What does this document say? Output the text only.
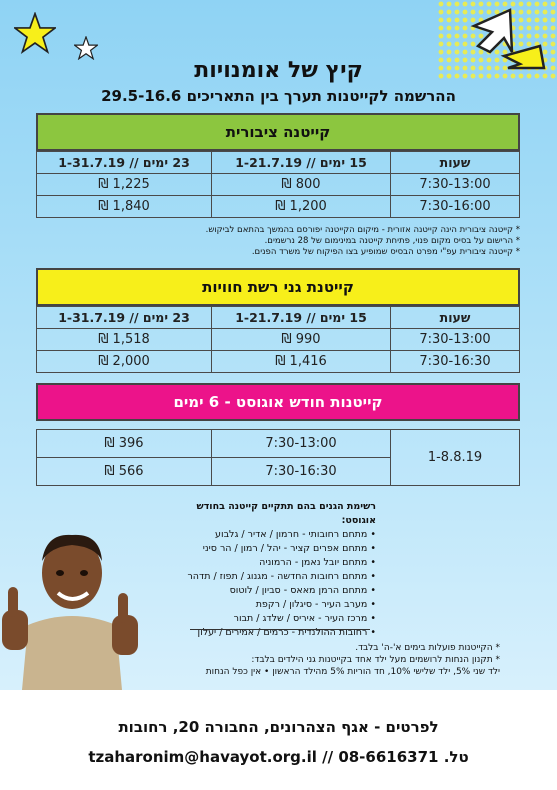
קיץ של אומנויות
ההרשמה לקייטנות תערך בין התאריכים 29.5-16.6
קייטנה ציבורית
שעות	15 ימים // 1-21.7.19	23 ימים // 1-31.7.19
7:30-13:00	800 ₪	1,225 ₪
7:30-16:00	1,200 ₪	1,840 ₪
* קייטנה ציבורית הינה קייטנה אזורית - מיקום הקייטנה יפורסם בהמשך בהתאם לביקוש.
* הרישום על בסיס מקום פנוי, פתיחת קייטנה במינימום של 28 נרשמים.
* קייטנה ציבורית עפ"י מפרט הבסיס שמופיע בצו הפיקוח של משרד הפנים.
קייטנת גני רשת חוויות
שעות	15 ימים // 1-21.7.19	23 ימים // 1-31.7.19
7:30-13:00	990 ₪	1,518 ₪
7:30-16:30	1,416 ₪	2,000 ₪
קייטנות חודש אוגוסט - 6 ימים
1-8.8.19	7:30-13:00	396 ₪
	7:30-16:30	566 ₪
רשימת הגנים בהם תתקיים קייטנה בחודש אוגוסט:
• מתחם רחובותי - חרמון / אדיר / גלבוע
• מתחם אפרים קציר - יהל / רמון / הר סיני
• מתחם יובל נאמן - הרמוניה
• מתחם רחובות החדשה - מגנוג / תפוז / תדהר
• מתחם הרמן מאאס - סביון / לוטוס
• מערב העיר - סיגלון / רקפת
• מרכז העיר - איריס / שלדג / תבור
• רחובות ההולנדית - כרמים / אמירים / יעלון
* הקייטנות פועלות בימים א'-ה' בלבד.
* תקנון הנחות לרושמים מעל ילד אחד בקייטנות גני הילדים בלבד:
ילד שני 5%, ילד שלישי 10%, חד הוריות 5% מהילד הראשון • אין כפל הנחות
לפרטים - אגף הצהרונים, החבורה 20, רחובות
טל. 08-6616371 // tzaharonim@havayot.org.il
